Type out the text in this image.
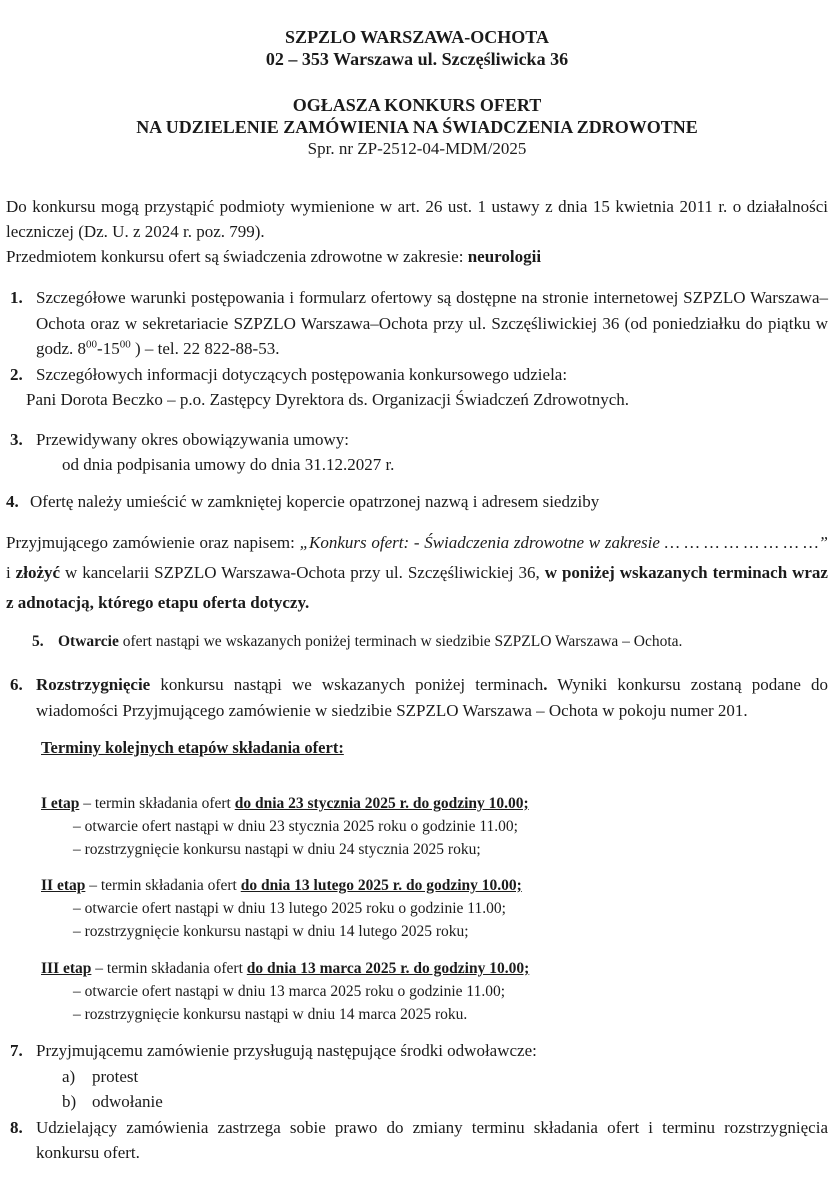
SZPZLO WARSZAWA-OCHOTA
02 – 353 Warszawa ul. Szczęśliwicka 36
OGŁASZA KONKURS OFERT
NA UDZIELENIE ZAMÓWIENIA NA ŚWIADCZENIA ZDROWOTNE
Spr. nr ZP-2512-04-MDM/2025
Do konkursu mogą przystąpić podmioty wymienione w art. 26 ust. 1 ustawy z dnia 15 kwietnia 2011 r. o działalności leczniczej (Dz. U. z 2024 r. poz. 799).
Przedmiotem konkursu ofert są świadczenia zdrowotne w zakresie: neurologii
1. Szczegółowe warunki postępowania i formularz ofertowy są dostępne na stronie internetowej SZPZLO Warszawa–Ochota oraz w sekretariacie SZPZLO Warszawa–Ochota przy ul. Szczęśliwickiej 36 (od poniedziałku do piątku w godz. $8^{00}-15^{00}$ ) – tel. 22 822-88-53.
2. Szczegółowych informacji dotyczących postępowania konkursowego udziela:
Pani Dorota Beczko – p.o. Zastępcy Dyrektora ds. Organizacji Świadczeń Zdrowotnych.
3. Przewidywany okres obowiązywania umowy:
od dnia podpisania umowy do dnia 31.12.2027 r.
4. Ofertę należy umieścić w zamkniętej kopercie opatrzonej nazwą i adresem siedziby
Przyjmującego zamówienie oraz napisem: „Konkurs ofert: - Świadczenia zdrowotne w zakresie … … … … … … … …” i złożyć w kancelarii SZPZLO Warszawa-Ochota przy ul. Szczęśliwickiej 36, w poniżej wskazanych terminach wraz z adnotacją, którego etapu oferta dotyczy.
5. Otwarcie ofert nastąpi we wskazanych poniżej terminach w siedzibie SZPZLO Warszawa – Ochota.
6. Rozstrzygnięcie konkursu nastąpi we wskazanych poniżej terminach. Wyniki konkursu zostaną podane do wiadomości Przyjmującego zamówienie w siedzibie SZPZLO Warszawa – Ochota w pokoju numer 201.
Terminy kolejnych etapów składania ofert:
I etap – termin składania ofert do dnia 23 stycznia 2025 r. do godziny 10.00;
– otwarcie ofert nastąpi w dniu 23 stycznia 2025 roku o godzinie 11.00;
– rozstrzygnięcie konkursu nastąpi w dniu 24 stycznia 2025 roku;
II etap – termin składania ofert do dnia 13 lutego 2025 r. do godziny 10.00;
– otwarcie ofert nastąpi w dniu 13 lutego 2025 roku o godzinie 11.00;
– rozstrzygnięcie konkursu nastąpi w dniu 14 lutego 2025 roku;
III etap – termin składania ofert do dnia 13 marca 2025 r. do godziny 10.00;
– otwarcie ofert nastąpi w dniu 13 marca 2025 roku o godzinie 11.00;
– rozstrzygnięcie konkursu nastąpi w dniu 14 marca 2025 roku.
7. Przyjmującemu zamówienie przysługują następujące środki odwoławcze:
a) protest
b) odwołanie
8. Udzielający zamówienia zastrzega sobie prawo do zmiany terminu składania ofert i terminu rozstrzygnięcia konkursu ofert.
